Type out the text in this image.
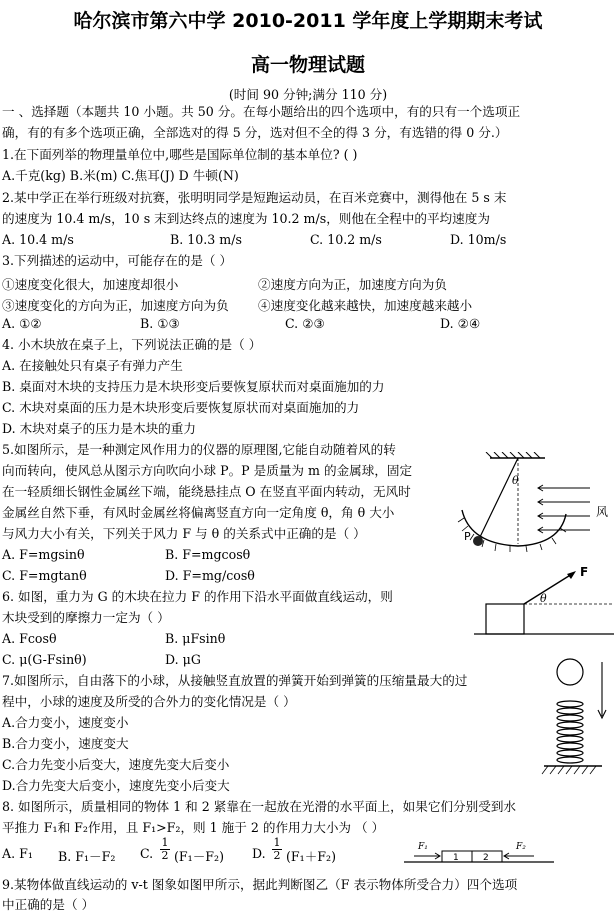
哈尔滨市第六中学 2010-2011 学年度上学期期末考试
高一物理试题
(时间 90 分钟;满分 110 分)
一 、选择题（本题共 10 小题。共 50 分。在每小题给出的四个选项中，有的只有一个选项正
确，有的有多个选项正确，全部选对的得 5 分，选对但不全的得 3 分，有选错的得 0 分.）
1.在下面列举的物理量单位中,哪些是国际单位制的基本单位? ( )
A.千克(kg) B.米(m) C.焦耳(J) D 牛顿(N)
2.某中学正在举行班级对抗赛，张明明同学是短跑运动员，在百米竞赛中，测得他在 5 s 末
的速度为 10.4 m/s，10 s 末到达终点的速度为 10.2 m/s，则他在全程中的平均速度为
A. 10.4 m/s	B. 10.3 m/s	C. 10.2 m/s	D. 10m/s
3.下列描述的运动中，可能存在的是（ ）
①速度变化很大，加速度却很小	②速度方向为正，加速度方向为负
③速度变化的方向为正，加速度方向为负 ④速度变化越来越快，加速度越来越小
A. ①②	B. ①③	C. ②③	D. ②④
4. 小木块放在桌子上，下列说法正确的是（ ）
A. 在接触处只有桌子有弹力产生
B. 桌面对木块的支持压力是木块形变后要恢复原状而对桌面施加的力
C. 木块对桌面的压力是木块形变后要恢复原状而对桌面施加的力
D. 木块对桌子的压力是木块的重力
5.如图所示，是一种测定风作用力的仪器的原理图,它能自动随着风的转
向而转向，使风总从图示方向吹向小球 P。P 是质量为 m 的金属球，固定
在一轻质细长钢性金属丝下端，能绕悬挂点 O 在竖直平面内转动，无风时
金属丝自然下垂，有风时金属丝将偏离竖直方向一定角度 θ，角 θ 大小
与风力大小有关，下列关于风力 F 与 θ 的关系式中正确的是（ ）
A. F=mgsinθ	B. F=mgcosθ
C. F=mgtanθ	D. F=mg/cosθ
P
θ
风
6. 如图，重力为 G 的木块在拉力 F 的作用下沿水平面做直线运动，则
木块受到的摩擦力一定为（ ）
A. Fcosθ	B. μFsinθ
C. μ(G-Fsinθ)	D. μG
F
θ
7.如图所示，自由落下的小球，从接触竖直放置的弹簧开始到弹簧的压缩量最大的过
程中，小球的速度及所受的合外力的变化情况是（ ）
A.合力变小，速度变小
B.合力变小，速度变大
C.合力先变小后变大，速度先变大后变小
D.合力先变大后变小，速度先变小后变大
8. 如图所示，质量相同的物体 1 和 2 紧靠在一起放在光滑的水平面上，如果它们分别受到水
平推力 F₁和 F₂作用，且 F₁>F₂，则 1 施于 2 的作用力大小为 （ ）
A. F₁ B. F₁－F₂ C. $\frac{1}{2} (F_1-F_2)$ D. $\frac{1}{2} (F_1+F_2)$	1	2
F₁	F₂
9.某物体做直线运动的 v-t 图象如图甲所示，据此判断图乙（F 表示物体所受合力）四个选项
中正确的是（ ）
